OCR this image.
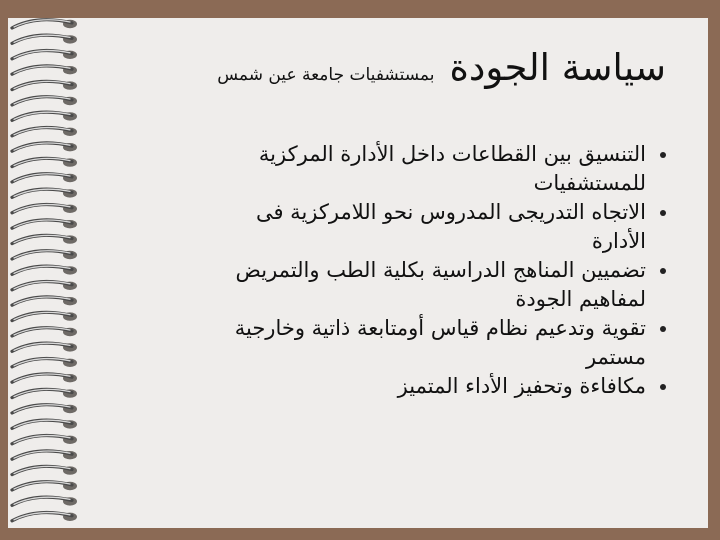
سياسة الجودة بمستشفيات جامعة عين شمس
التنسيق بين القطاعات داخل الأدارة المركزية
للمستشفيات
الاتجاه التدريجى المدروس نحو اللامركزية فى
الأدارة
تضميين المناهج الدراسية بكلية الطب والتمريض
لمفاهيم الجودة
تقوية وتدعيم نظام قياس أومتابعة ذاتية وخارجية
مستمر
مكافاءة وتحفيز الأداء المتميز
